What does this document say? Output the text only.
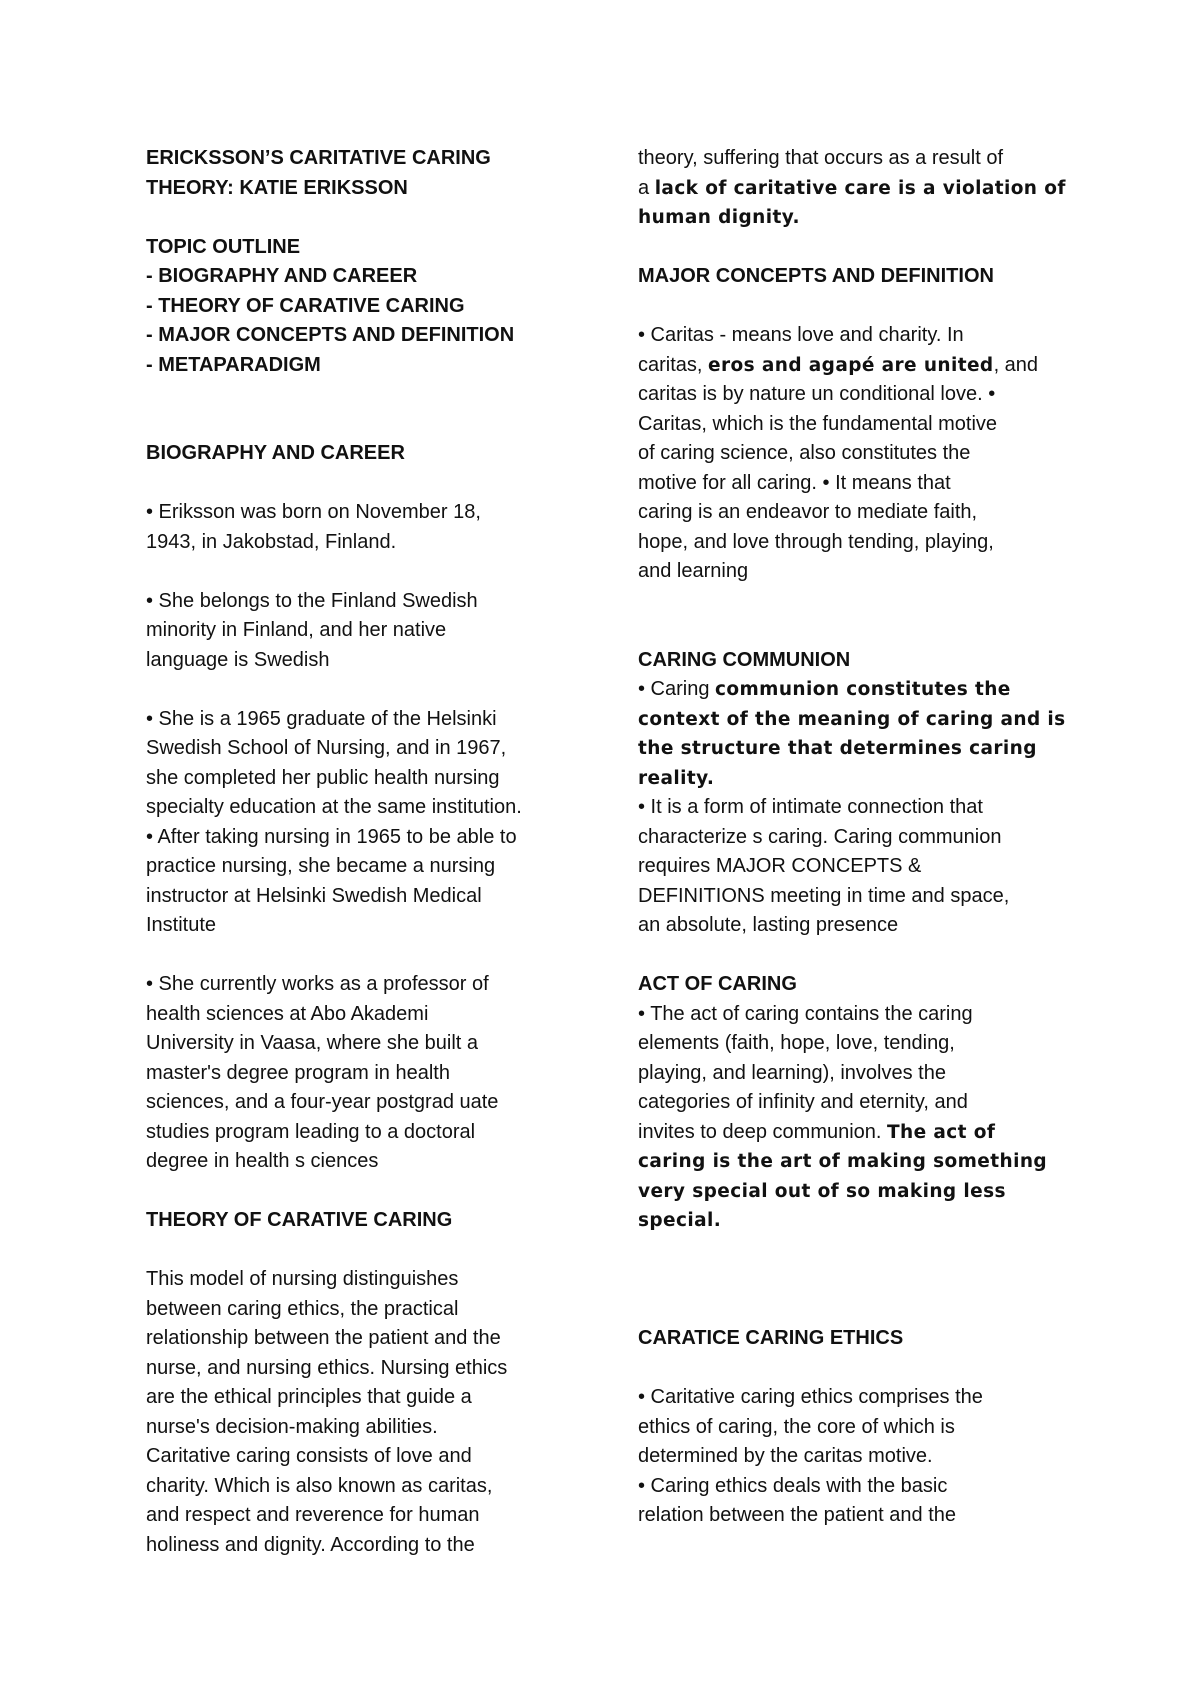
ERICKSSON’S CARITATIVE CARING

THEORY: KATIE ERIKSSON

TOPIC OUTLINE

- BIOGRAPHY AND CAREER

- THEORY OF CARATIVE CARING

- MAJOR CONCEPTS AND DEFINITION

- METAPARADIGM

BIOGRAPHY AND CAREER

• Eriksson was born on November 18,
1943, in Jakobstad, Finland.

• She belongs to the Finland Swedish
minority in Finland, and her native
language is Swedish

• She is a 1965 graduate of the Helsinki
Swedish School of Nursing, and in 1967,
she completed her public health nursing
specialty education at the same institution.
• After taking nursing in 1965 to be able to
practice nursing, she became a nursing
instructor at Helsinki Swedish Medical
Institute

• She currently works as a professor of
health sciences at Abo Akademi
University in Vaasa, where she built a
master's degree program in health
sciences, and a four-year postgrad uate
studies program leading to a doctoral
degree in health s ciences

THEORY OF CARATIVE CARING

This model of nursing distinguishes
between caring ethics, the practical
relationship between the patient and the
nurse, and nursing ethics. Nursing ethics
are the ethical principles that guide a
nurse's decision-making abilities.
Caritative caring consists of love and
charity. Which is also known as caritas,
and respect and reverence for human
holiness and dignity. According to the

theory, suffering that occurs as a result of
a lack of caritative care is a violation of
human dignity.

MAJOR CONCEPTS AND DEFINITION

• Caritas - means love and charity. In
caritas, eros and agapé are united, and
caritas is by nature un conditional love. •
Caritas, which is the fundamental motive
of caring science, also constitutes the
motive for all caring. • It means that
caring is an endeavor to mediate faith,
hope, and love through tending, playing,
and learning

CARING COMMUNION

• Caring communion constitutes the
context of the meaning of caring and is
the structure that determines caring
reality.
• It is a form of intimate connection that
characterize s caring. Caring communion
requires MAJOR CONCEPTS &
DEFINITIONS meeting in time and space,
an absolute, lasting presence

ACT OF CARING

• The act of caring contains the caring
elements (faith, hope, love, tending,
playing, and learning), involves the
categories of infinity and eternity, and
invites to deep communion. The act of
caring is the art of making something
very special out of so making less
special.

CARATICE CARING ETHICS

• Caritative caring ethics comprises the
ethics of caring, the core of which is
determined by the caritas motive.
• Caring ethics deals with the basic
relation between the patient and the
